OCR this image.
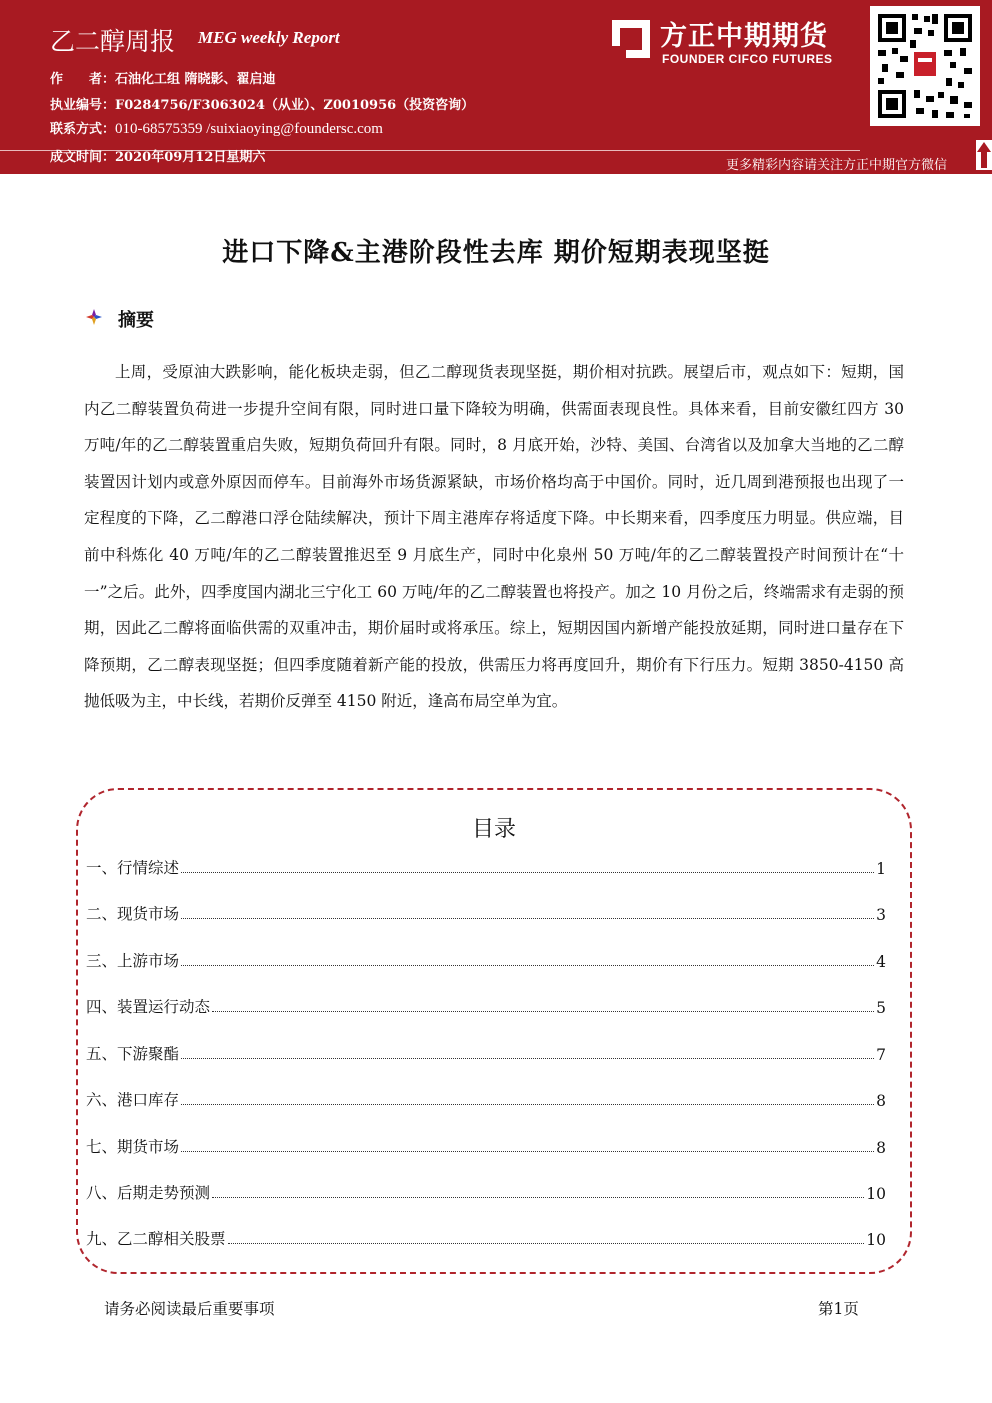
乙二醇周报 MEG weekly Report
作　　者：石油化工组 隋晓影、翟启迪
执业编号：F0284756/F3063024（从业）、Z0010956（投资咨询）
联系方式：010-68575359 /suixiaoying@foundersc.com
成文时间：2020年09月12日星期六
方正中期期货
FOUNDER CIFCO FUTURES
更多精彩内容请关注方正中期官方微信
进口下降&主港阶段性去库 期价短期表现坚挺
摘要
上周，受原油大跌影响，能化板块走弱，但乙二醇现货表现坚挺，期价相对抗跌。展望后市，观点如下：短期，国内乙二醇装置负荷进一步提升空间有限，同时进口量下降较为明确，供需面表现良性。具体来看，目前安徽红四方 30 万吨/年的乙二醇装置重启失败，短期负荷回升有限。同时，8 月底开始，沙特、美国、台湾省以及加拿大当地的乙二醇装置因计划内或意外原因而停车。目前海外市场货源紧缺，市场价格均高于中国价。同时，近几周到港预报也出现了一定程度的下降，乙二醇港口浮仓陆续解决，预计下周主港库存将适度下降。中长期来看，四季度压力明显。供应端，目前中科炼化 40 万吨/年的乙二醇装置推迟至 9 月底生产，同时中化泉州 50 万吨/年的乙二醇装置投产时间预计在“十一”之后。此外，四季度国内湖北三宁化工 60 万吨/年的乙二醇装置也将投产。加之 10 月份之后，终端需求有走弱的预期，因此乙二醇将面临供需的双重冲击，期价届时或将承压。综上，短期因国内新增产能投放延期，同时进口量存在下降预期，乙二醇表现坚挺；但四季度随着新产能的投放，供需压力将再度回升，期价有下行压力。短期 3850-4150 高抛低吸为主，中长线，若期价反弹至 4150 附近，逢高布局空单为宜。
目录
一、行情综述	1
二、现货市场	3
三、上游市场	4
四、装置运行动态	5
五、下游聚酯	7
六、港口库存	8
七、期货市场	8
八、后期走势预测	10
九、乙二醇相关股票	10
请务必阅读最后重要事项	第1页
